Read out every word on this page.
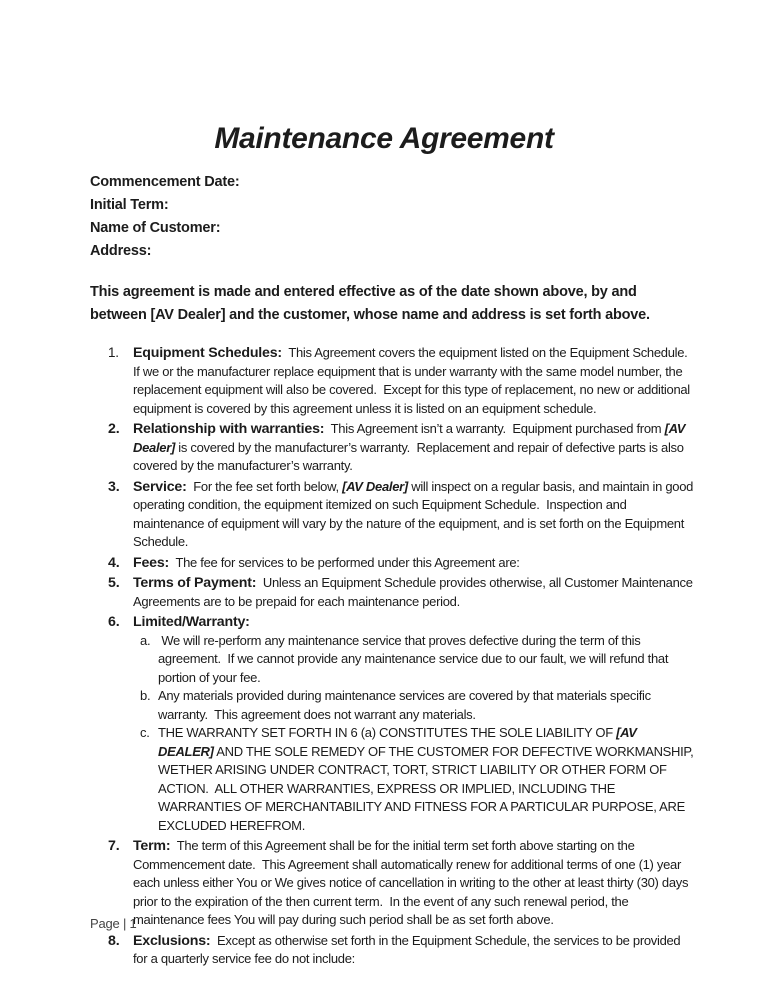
Maintenance Agreement
Commencement Date:
Initial Term:
Name of Customer:
Address:
This agreement is made and entered effective as of the date shown above, by and between [AV Dealer] and the customer, whose name and address is set forth above.
1. Equipment Schedules:  This Agreement covers the equipment listed on the Equipment Schedule.  If we or the manufacturer replace equipment that is under warranty with the same model number, the replacement equipment will also be covered.  Except for this type of replacement, no new or additional equipment is covered by this agreement unless it is listed on an equipment schedule.
2. Relationship with warranties:  This Agreement isn’t a warranty.  Equipment purchased from [AV Dealer] is covered by the manufacturer’s warranty.  Replacement and repair of defective parts is also covered by the manufacturer’s warranty.
3. Service:  For the fee set forth below, [AV Dealer] will inspect on a regular basis, and maintain in good operating condition, the equipment itemized on such Equipment Schedule.  Inspection and maintenance of equipment will vary by the nature of the equipment, and is set forth on the Equipment Schedule.
4. Fees:  The fee for services to be performed under this Agreement are:
5. Terms of Payment:  Unless an Equipment Schedule provides otherwise, all Customer Maintenance Agreements are to be prepaid for each maintenance period.
6. Limited/Warranty:
a. We will re-perform any maintenance service that proves defective during the term of this agreement.  If we cannot provide any maintenance service due to our fault, we will refund that portion of your fee.
b. Any materials provided during maintenance services are covered by that materials specific warranty.  This agreement does not warrant any materials.
c. THE WARRANTY SET FORTH IN 6 (a) CONSTITUTES THE SOLE LIABILITY OF [AV DEALER] AND THE SOLE REMEDY OF THE CUSTOMER FOR DEFECTIVE WORKMANSHIP, WETHER ARISING UNDER CONTRACT, TORT, STRICT LIABILITY OR OTHER FORM OF ACTION.  ALL OTHER WARRANTIES, EXPRESS OR IMPLIED, INCLUDING THE WARRANTIES OF MERCHANTABILITY AND FITNESS FOR A PARTICULAR PURPOSE, ARE EXCLUDED HEREFROM.
7. Term:  The term of this Agreement shall be for the initial term set forth above starting on the Commencement date.  This Agreement shall automatically renew for additional terms of one (1) year each unless either You or We gives notice of cancellation in writing to the other at least thirty (30) days prior to the expiration of the then current term.  In the event of any such renewal period, the maintenance fees You will pay during such period shall be as set forth above.
8. Exclusions:  Except as otherwise set forth in the Equipment Schedule, the services to be provided for a quarterly service fee do not include:
Page | 1
